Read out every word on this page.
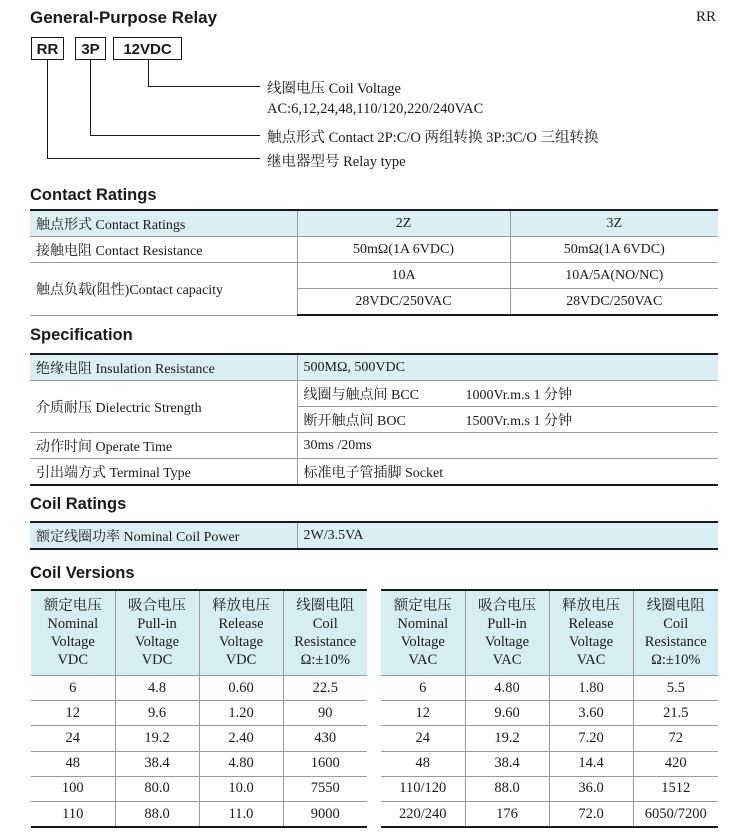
General-Purpose Relay	RR
RR	3P	12VDC
线圈电压 Coil Voltage
AC:6,12,24,48,110/120,220/240VAC
触点形式 Contact 2P:C/O 两组转换 3P:3C/O 三组转换
继电器型号 Relay type
Contact Ratings
触点形式 Contact Ratings	2Z	3Z
接触电阻 Contact Resistance	50mΩ(1A 6VDC)	50mΩ(1A 6VDC)
触点负载(阻性)Contact capacity	10A	10A/5A(NO/NC)
	28VDC/250VAC	28VDC/250VAC
Specification
绝缘电阻 Insulation Resistance	500MΩ, 500VDC
介质耐压 Dielectric Strength	线圈与触点间 BCC 1000Vr.m.s 1 分钟
	断开触点间 BOC 1500Vr.m.s 1 分钟
动作时间 Operate Time	30ms /20ms
引出端方式 Terminal Type	标准电子管插脚 Socket
Coil Ratings
额定线圈功率 Nominal Coil Power	2W/3.5VA
Coil Versions
额定电压
Nominal
Voltage
VDC	吸合电压
Pull-in
Voltage
VDC	释放电压
Release
Voltage
VDC	线圈电阻
Coil
Resistance
Ω:±10%

6	4.8	0.60	22.5
12	9.6	1.20	90
24	19.2	2.40	430
48	38.4	4.80	1600
100	80.0	10.0	7550
110	88.0	11.0	9000
额定电压
Nominal
Voltage
VAC	吸合电压
Pull-in
Voltage
VAC	释放电压
Release
Voltage
VAC	线圈电阻
Coil
Resistance
Ω:±10%

6	4.80	1.80	5.5
12	9.60	3.60	21.5
24	19.2	7.20	72
48	38.4	14.4	420
110/120	88.0	36.0	1512
220/240	176	72.0	6050/7200
